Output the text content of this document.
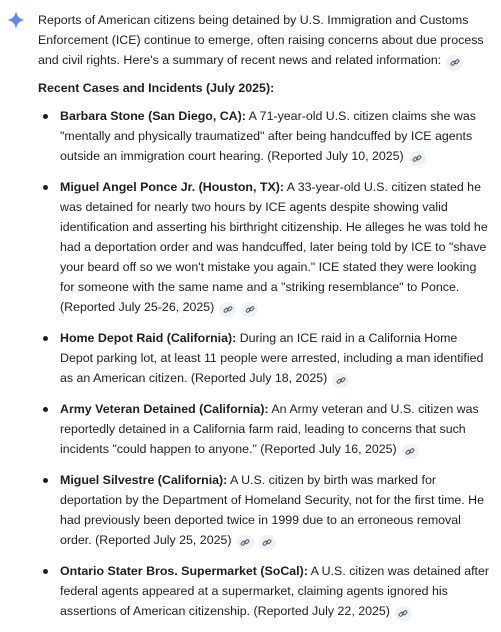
Reports of American citizens being detained by U.S. Immigration and Customs Enforcement (ICE) continue to emerge, often raising concerns about due process and civil rights. Here's a summary of recent news and related information:

Recent Cases and Incidents (July 2025):

Barbara Stone (San Diego, CA): A 71-year-old U.S. citizen claims she was "mentally and physically traumatized" after being handcuffed by ICE agents outside an immigration court hearing. (Reported July 10, 2025)
Miguel Angel Ponce Jr. (Houston, TX): A 33-year-old U.S. citizen stated he was detained for nearly two hours by ICE agents despite showing valid identification and asserting his birthright citizenship. He alleges he was told he had a deportation order and was handcuffed, later being told by ICE to "shave your beard off so we won't mistake you again." ICE stated they were looking for someone with the same name and a "striking resemblance" to Ponce. (Reported July 25-26, 2025)
Home Depot Raid (California): During an ICE raid in a California Home Depot parking lot, at least 11 people were arrested, including a man identified as an American citizen. (Reported July 18, 2025)
Army Veteran Detained (California): An Army veteran and U.S. citizen was reportedly detained in a California farm raid, leading to concerns that such incidents "could happen to anyone." (Reported July 16, 2025)
Miguel Silvestre (California): A U.S. citizen by birth was marked for deportation by the Department of Homeland Security, not for the first time. He had previously been deported twice in 1999 due to an erroneous removal order. (Reported July 25, 2025)
Ontario Stater Bros. Supermarket (SoCal): A U.S. citizen was detained after federal agents appeared at a supermarket, claiming agents ignored his assertions of American citizenship. (Reported July 22, 2025)
